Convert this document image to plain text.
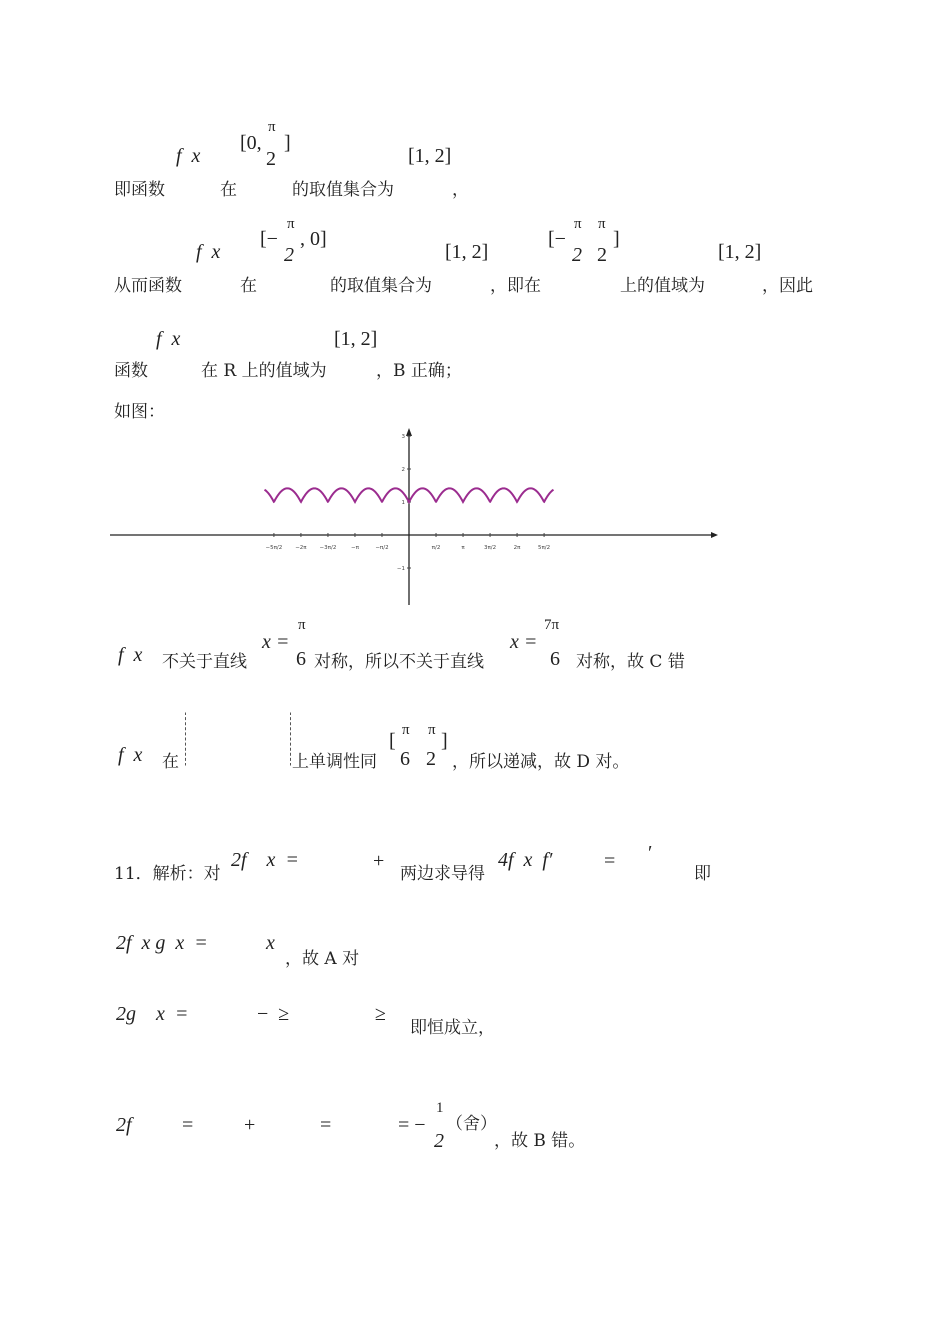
f  x
[0,
π
2
]
[1, 2]
即函数	在	的取值集合为	，
f  x
[−
π
2
, 0]
[1, 2]
[−
π
2
π
2
]
[1, 2]
从而函数	在	的取值集合为	，即在	上的值域为	，因此
f  x	[1, 2]
函数	在 R 上的值域为	，B 正确；
如图：
−5π/2 −2π −3π/2	−π	−π/2	π/2	π	3π/2	2π	5π/2
3
2
1
−1
f  x 不关于直线
x =
π
6 对称，所以不关于直线
x =
7π
6 对称，故 C 错
f  x 在	上单调性同
[ π
6
π
2
]
，所以递减，故 D 对。
11．解析：对
2f    x  =	+
两边求导得
4f  x  f′	= ′
即
2f  x g  x  =	x
，故 A 对
2g    x  =	−  ≥	≥
即恒成立，
2f	=	+	=	= −
1
2
（舍）
，故 B 错。
